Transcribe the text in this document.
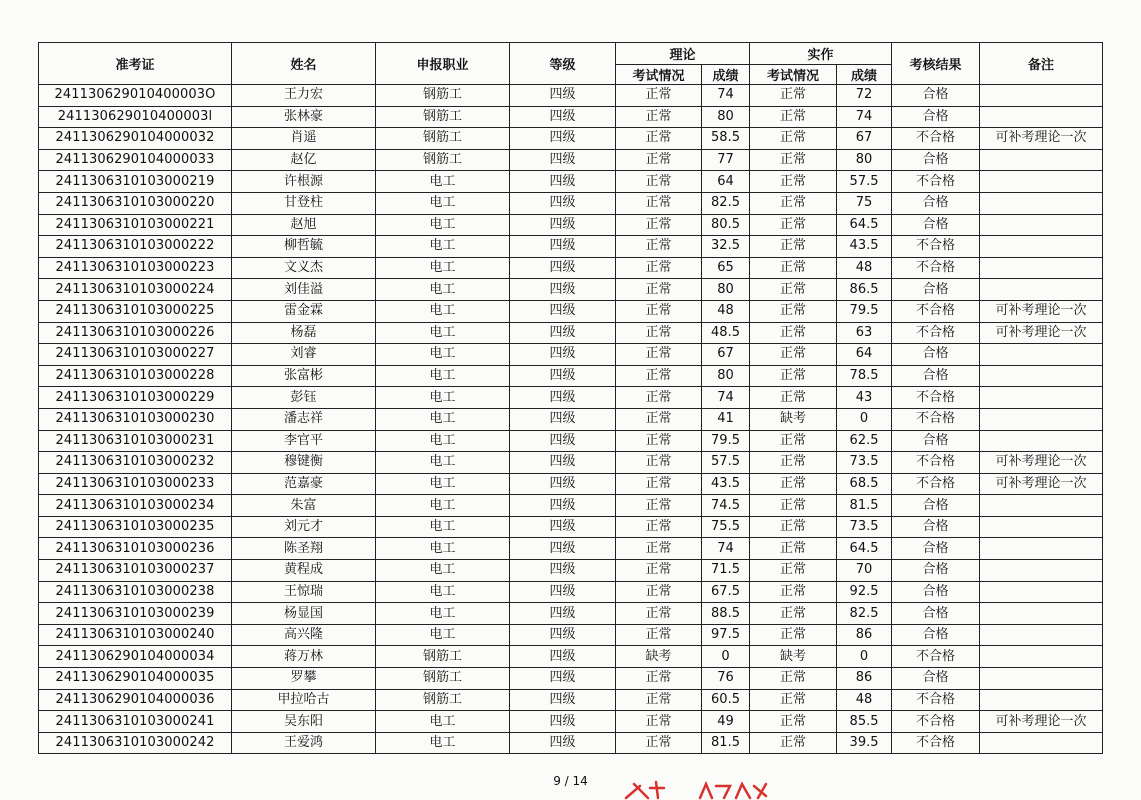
准考证	姓名	申报职业	等级	理论		实作		考核结果	备注
				考试情况	成绩	考试情况	成绩		
241130629010400003O	王力宏	钢筋工	四级	正常	74	正常	72	合格	
241130629010400003l	张林豪	钢筋工	四级	正常	80	正常	74	合格	
2411306290104000032	肖遥	钢筋工	四级	正常	58.5	正常	67	不合格	可补考理论一次
2411306290104000033	赵亿	钢筋工	四级	正常	77	正常	80	合格	
2411306310103000219	许根源	电工	四级	正常	64	正常	57.5	不合格	
2411306310103000220	甘登柱	电工	四级	正常	82.5	正常	75	合格	
2411306310103000221	赵旭	电工	四级	正常	80.5	正常	64.5	合格	
2411306310103000222	柳哲毓	电工	四级	正常	32.5	正常	43.5	不合格	
2411306310103000223	文义杰	电工	四级	正常	65	正常	48	不合格	
2411306310103000224	刘佳溢	电工	四级	正常	80	正常	86.5	合格	
2411306310103000225	雷金霖	电工	四级	正常	48	正常	79.5	不合格	可补考理论一次
2411306310103000226	杨磊	电工	四级	正常	48.5	正常	63	不合格	可补考理论一次
2411306310103000227	刘睿	电工	四级	正常	67	正常	64	合格	
2411306310103000228	张富彬	电工	四级	正常	80	正常	78.5	合格	
2411306310103000229	彭钰	电工	四级	正常	74	正常	43	不合格	
2411306310103000230	潘志祥	电工	四级	正常	41	缺考	0	不合格	
2411306310103000231	李官平	电工	四级	正常	79.5	正常	62.5	合格	
2411306310103000232	穆键衡	电工	四级	正常	57.5	正常	73.5	不合格	可补考理论一次
2411306310103000233	范嘉豪	电工	四级	正常	43.5	正常	68.5	不合格	可补考理论一次
2411306310103000234	朱富	电工	四级	正常	74.5	正常	81.5	合格	
2411306310103000235	刘元才	电工	四级	正常	75.5	正常	73.5	合格	
2411306310103000236	陈圣翔	电工	四级	正常	74	正常	64.5	合格	
2411306310103000237	黄程成	电工	四级	正常	71.5	正常	70	合格	
2411306310103000238	王惊瑞	电工	四级	正常	67.5	正常	92.5	合格	
2411306310103000239	杨显国	电工	四级	正常	88.5	正常	82.5	合格	
2411306310103000240	高兴隆	电工	四级	正常	97.5	正常	86	合格	
2411306290104000034	蒋万林	钢筋工	四级	缺考	0	缺考	0	不合格	
2411306290104000035	罗攀	钢筋工	四级	正常	76	正常	86	合格	
2411306290104000036	甲拉哈古	钢筋工	四级	正常	60.5	正常	48	不合格	
2411306310103000241	吴东阳	电工	四级	正常	49	正常	85.5	不合格	可补考理论一次
2411306310103000242	王爱鸿	电工	四级	正常	81.5	正常	39.5	不合格	
9 / 14
